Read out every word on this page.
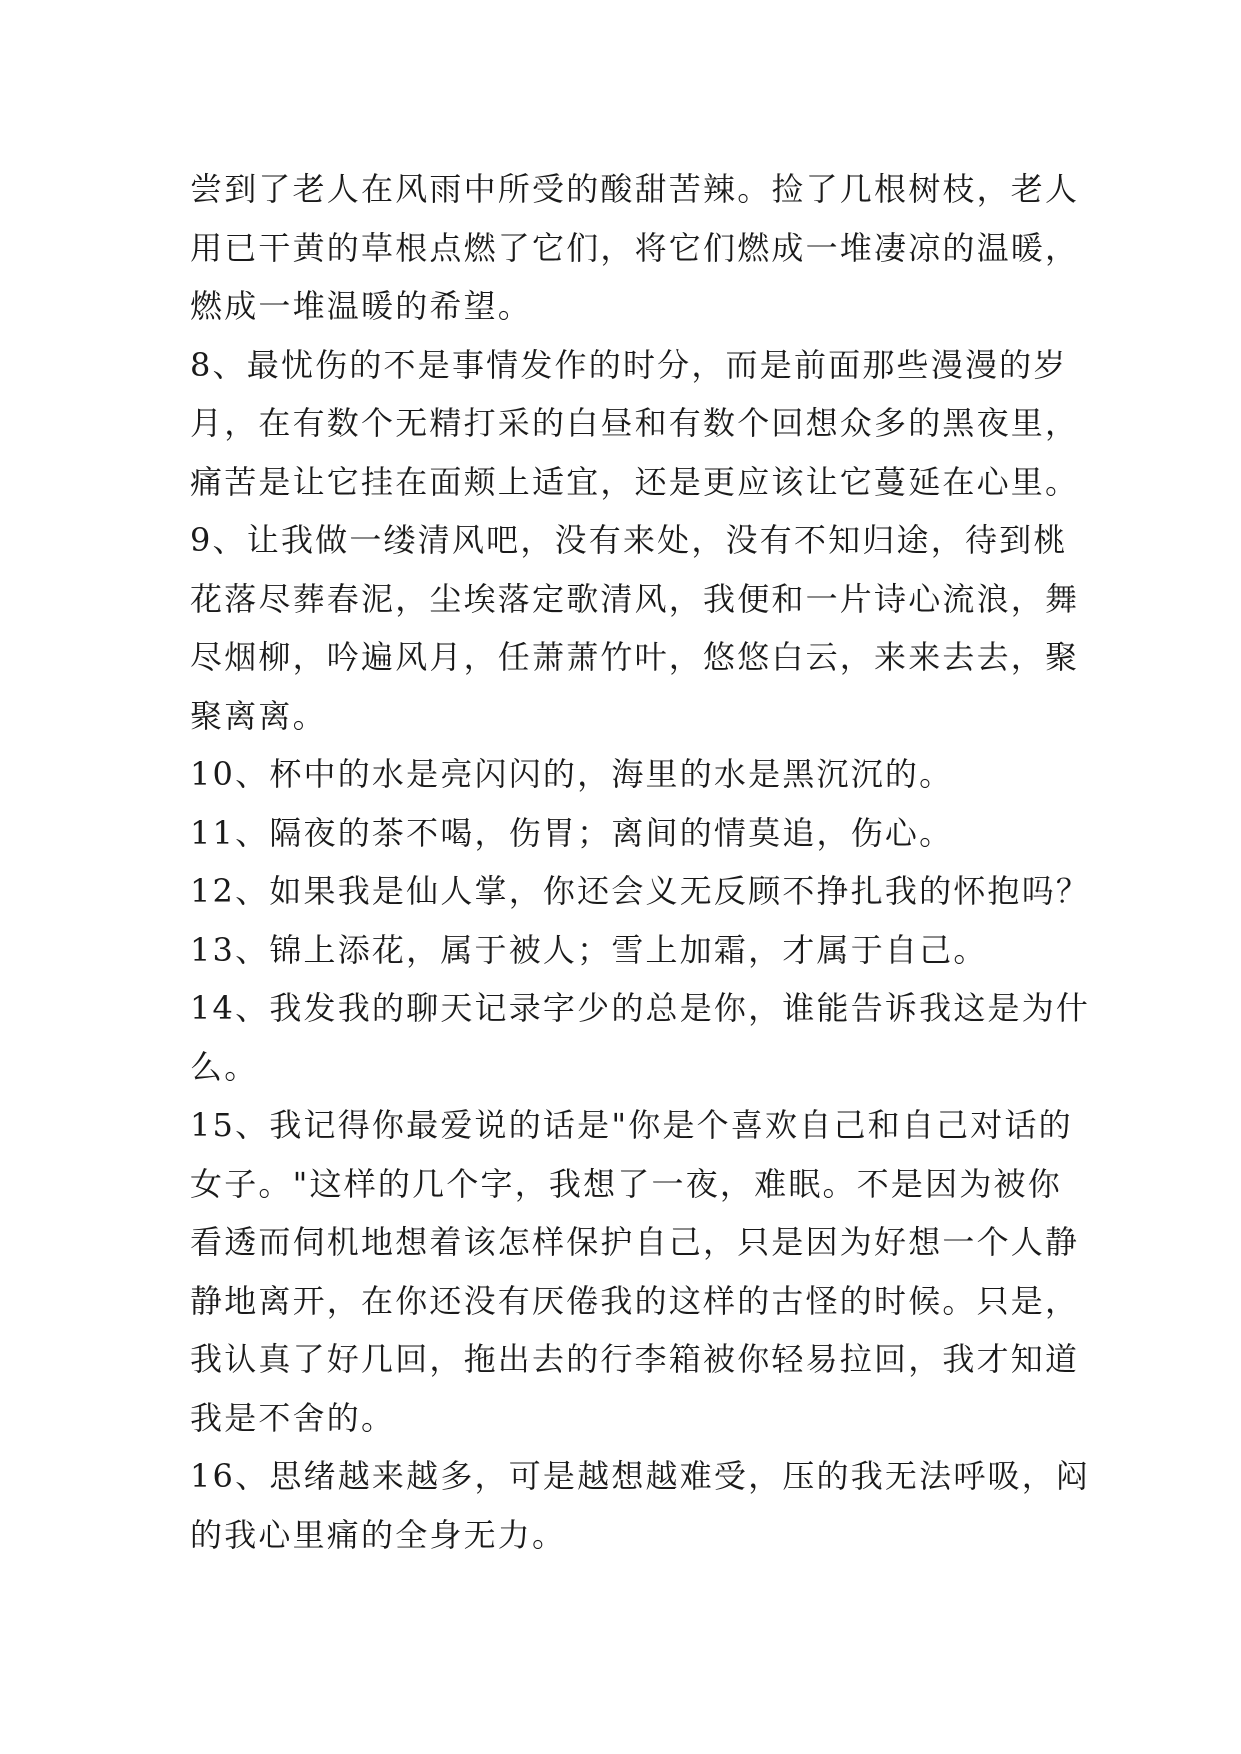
尝到了老人在风雨中所受的酸甜苦辣。捡了几根树枝，老人
用已干黄的草根点燃了它们，将它们燃成一堆凄凉的温暖，
燃成一堆温暖的希望。
8、最忧伤的不是事情发作的时分，而是前面那些漫漫的岁
月，在有数个无精打采的白昼和有数个回想众多的黑夜里，
痛苦是让它挂在面颊上适宜，还是更应该让它蔓延在心里。
9、让我做一缕清风吧，没有来处，没有不知归途，待到桃
花落尽葬春泥，尘埃落定歌清风，我便和一片诗心流浪，舞
尽烟柳，吟遍风月，任萧萧竹叶，悠悠白云，来来去去，聚
聚离离。
10、杯中的水是亮闪闪的，海里的水是黑沉沉的。
11、隔夜的茶不喝，伤胃；离间的情莫追，伤心。
12、如果我是仙人掌，你还会义无反顾不挣扎我的怀抱吗？
13、锦上添花，属于被人；雪上加霜，才属于自己。
14、我发我的聊天记录字少的总是你，谁能告诉我这是为什
么。
15、我记得你最爱说的话是"你是个喜欢自己和自己对话的
女子。"这样的几个字，我想了一夜，难眠。不是因为被你
看透而伺机地想着该怎样保护自己，只是因为好想一个人静
静地离开，在你还没有厌倦我的这样的古怪的时候。只是，
我认真了好几回，拖出去的行李箱被你轻易拉回，我才知道
我是不舍的。
16、思绪越来越多，可是越想越难受，压的我无法呼吸，闷
的我心里痛的全身无力。
